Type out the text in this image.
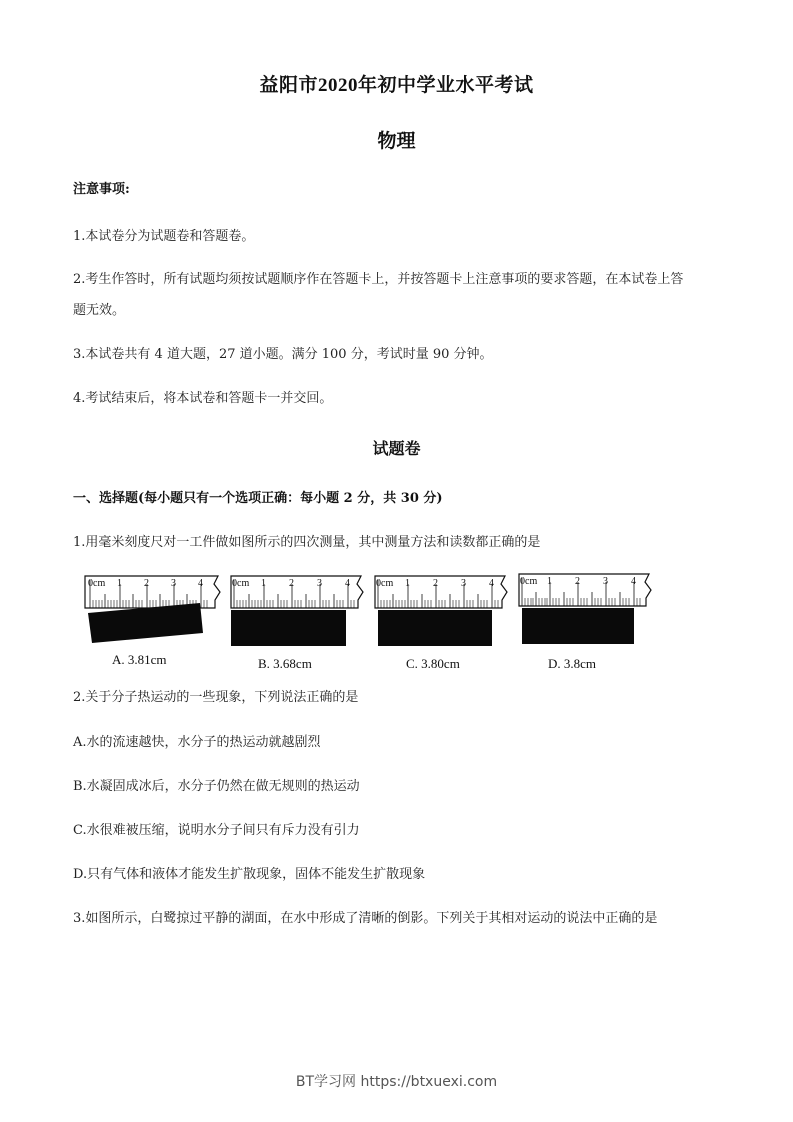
益阳市2020年初中学业水平考试
物理
注意事项:
1.本试卷分为试题卷和答题卷。
2.考生作答时，所有试题均须按试题顺序作在答题卡上，并按答题卡上注意事项的要求答题，在本试卷上答
题无效。
3.本试卷共有 4 道大题，27 道小题。满分 100 分，考试时量 90 分钟。
4.考试结束后，将本试卷和答题卡一并交回。
试题卷
一、选择题(每小题只有一个选项正确：每小题 2 分，共 30 分)
1.用毫米刻度尺对一工件做如图所示的四次测量，其中测量方法和读数都正确的是
0cm 1 2 3 4
A. 3.81cm
0cm 1 2 3 4
B. 3.68cm
0cm 1 2 3 4
C. 3.80cm
0cm 1 2 3 4
D. 3.8cm
2.关于分子热运动的一些现象，下列说法正确的是
A.水的流速越快，水分子的热运动就越剧烈
B.水凝固成冰后，水分子仍然在做无规则的热运动
C.水很难被压缩，说明水分子间只有斥力没有引力
D.只有气体和液体才能发生扩散现象，固体不能发生扩散现象
3.如图所示，白鹭掠过平静的湖面，在水中形成了清晰的倒影。下列关于其相对运动的说法中正确的是
BT学习网 https://btxuexi.com
